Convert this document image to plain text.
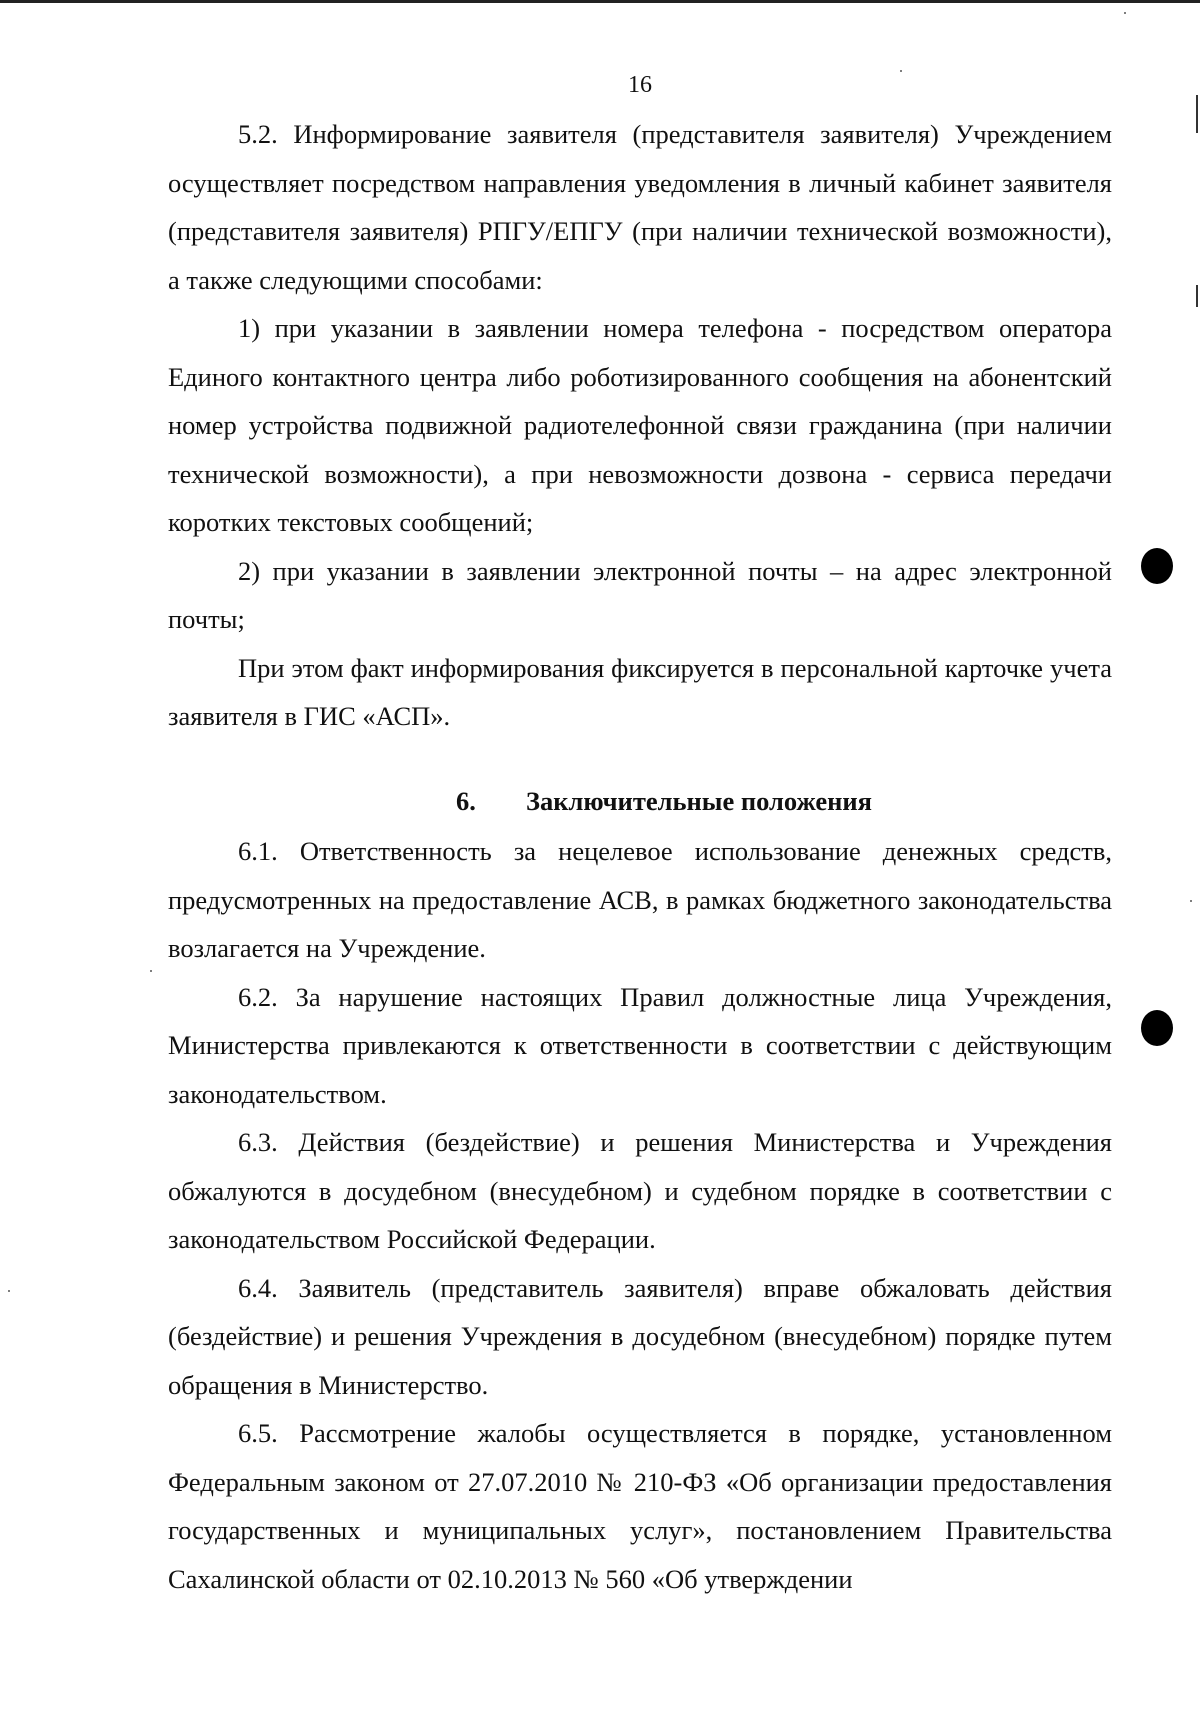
16

5.2. Информирование заявителя (представителя заявителя) Учреждением осуществляет посредством направления уведомления в личный кабинет заявителя (представителя заявителя) РПГУ/ЕПГУ (при наличии технической возможности), а также следующими способами:

1) при указании в заявлении номера телефона - посредством оператора Единого контактного центра либо роботизированного сообщения на абонентский номер устройства подвижной радиотелефонной связи гражданина (при наличии технической возможности), а при невозможности дозвона - сервиса передачи коротких текстовых сообщений;

2) при указании в заявлении электронной почты – на адрес электронной почты;

При этом факт информирования фиксируется в персональной карточке учета заявителя в ГИС «АСП».

6. Заключительные положения

6.1. Ответственность за нецелевое использование денежных средств, предусмотренных на предоставление АСВ, в рамках бюджетного законодательства возлагается на Учреждение.

6.2. За нарушение настоящих Правил должностные лица Учреждения, Министерства привлекаются к ответственности в соответствии с действующим законодательством.

6.3. Действия (бездействие) и решения Министерства и Учреждения обжалуются в досудебном (внесудебном) и судебном порядке в соответствии с законодательством Российской Федерации.

6.4. Заявитель (представитель заявителя) вправе обжаловать действия (бездействие) и решения Учреждения в досудебном (внесудебном) порядке путем обращения в Министерство.

6.5. Рассмотрение жалобы осуществляется в порядке, установленном Федеральным законом от 27.07.2010 № 210-ФЗ «Об организации предоставления государственных и муниципальных услуг», постановлением Правительства Сахалинской области от 02.10.2013 № 560 «Об утверждении
